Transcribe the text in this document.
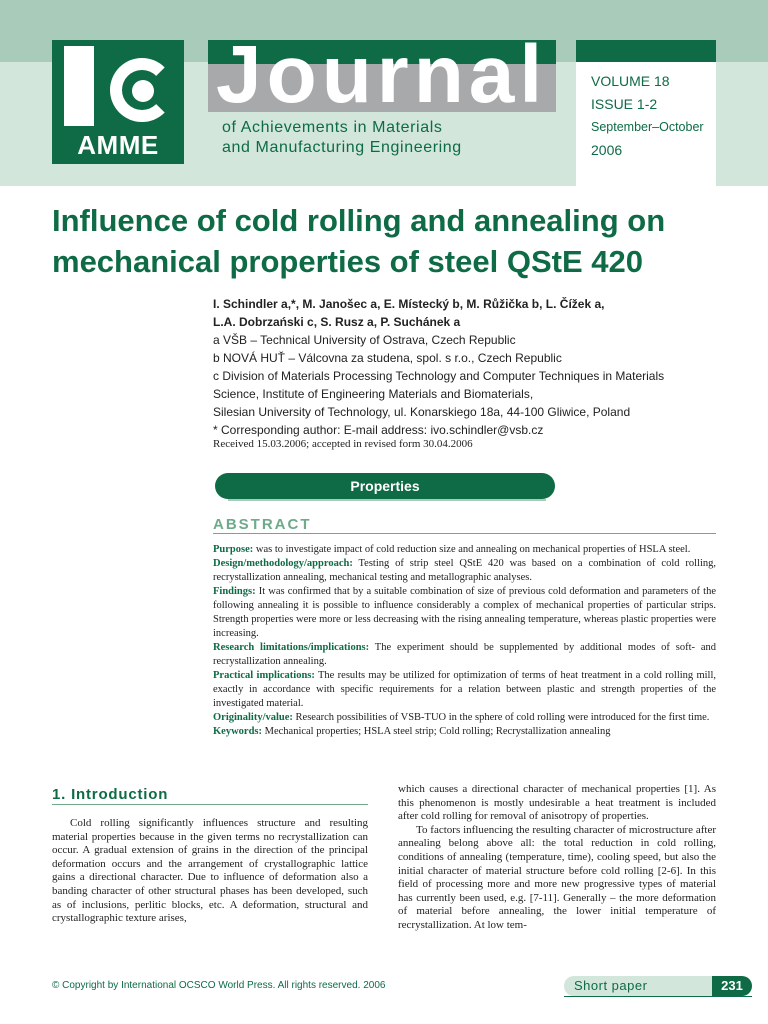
AMME
Journal
of Achievements in Materials
and Manufacturing Engineering
VOLUME 18
ISSUE 1-2
September–October
2006
Influence of cold rolling and annealing on
mechanical properties of steel QStE 420
I. Schindler a,*, M. Janošec a, E. Místecký b, M. Růžička b, L. Čížek a,
L.A. Dobrzański c, S. Rusz a, P. Suchánek a
a VŠB – Technical University of Ostrava, Czech Republic
b NOVÁ HUŤ – Válcovna za studena, spol. s r.o., Czech Republic
c Division of Materials Processing Technology and Computer Techniques in Materials
Science, Institute of Engineering Materials and Biomaterials,
Silesian University of Technology, ul. Konarskiego 18a, 44-100 Gliwice, Poland
* Corresponding author: E-mail address: ivo.schindler@vsb.cz
Received 15.03.2006; accepted in revised form 30.04.2006
Properties
ABSTRACT
Purpose: was to investigate impact of cold reduction size and annealing on mechanical properties of HSLA steel.
Design/methodology/approach: Testing of strip steel QStE 420 was based on a combination of cold rolling, recrystallization annealing, mechanical testing and metallographic analyses.
Findings: It was confirmed that by a suitable combination of size of previous cold deformation and parameters of the following annealing it is possible to influence considerably a complex of mechanical properties of particular strips. Strength properties were more or less decreasing with the rising annealing temperature, whereas plastic properties were increasing.
Research limitations/implications: The experiment should be supplemented by additional modes of soft- and recrystallization annealing.
Practical implications: The results may be utilized for optimization of terms of heat treatment in a cold rolling mill, exactly in accordance with specific requirements for a relation between plastic and strength properties of the investigated material.
Originality/value: Research possibilities of VSB-TUO in the sphere of cold rolling were introduced for the first time.
Keywords: Mechanical properties; HSLA steel strip; Cold rolling; Recrystallization annealing
1. Introduction

Cold rolling significantly influences structure and resulting material properties because in the given terms no recrystallization can occur. A gradual extension of grains in the direction of the principal deformation occurs and the arrangement of crystallographic lattice gains a directional character. Due to influence of deformation also a banding character of other structural phases has been developed, such as of inclusions, perlitic blocks, etc. A deformation, structural and crystallographic texture arises,

which causes a directional character of mechanical properties [1]. As this phenomenon is mostly undesirable a heat treatment is included after cold rolling for removal of anisotropy of properties.

To factors influencing the resulting character of microstructure after annealing belong above all: the total reduction in cold rolling, conditions of annealing (temperature, time), cooling speed, but also the initial character of material structure before cold rolling [2-6]. In this field of processing more and more new progressive types of material has currently been used, e.g. [7-11]. Generally – the more deformation of material before annealing, the lower initial temperature of recrystallization. At low tem-

© Copyright by International OCSCO World Press. All rights reserved. 2006	Short paper	231
